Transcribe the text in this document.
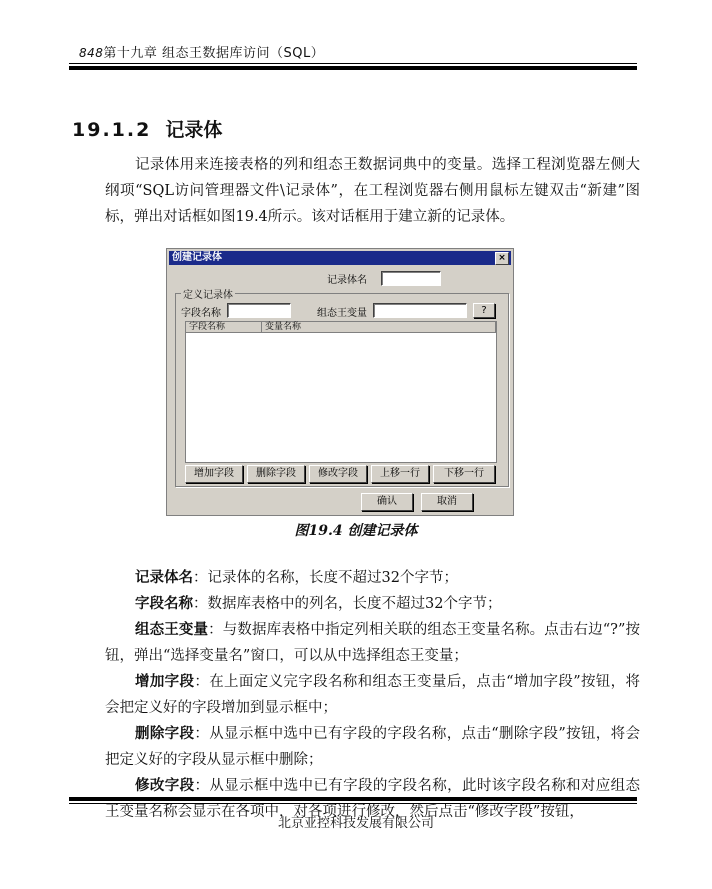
848第十九章 组态王数据库访问（SQL）
19.1.2 记录体
记录体用来连接表格的列和组态王数据词典中的变量。选择工程浏览器左侧大纲项“SQL访问管理器文件\记录体”，在工程浏览器右侧用鼠标左键双击“新建”图标，弹出对话框如图19.4所示。该对话框用于建立新的记录体。
创建记录体	×
记录体名
定义记录体
字段名称	组态王变量	?
字段名称	变量名称
增加字段	删除字段	修改字段	上移一行	下移一行
确认	取消
图19.4 创建记录体
记录体名：记录体的名称，长度不超过32个字节；
字段名称：数据库表格中的列名，长度不超过32个字节；
组态王变量：与数据库表格中指定列相关联的组态王变量名称。点击右边“?”按钮，弹出“选择变量名”窗口，可以从中选择组态王变量；
增加字段：在上面定义完字段名称和组态王变量后，点击“增加字段”按钮，将会把定义好的字段增加到显示框中；
删除字段：从显示框中选中已有字段的字段名称，点击“删除字段”按钮，将会把定义好的字段从显示框中删除；
修改字段：从显示框中选中已有字段的字段名称，此时该字段名称和对应组态王变量名称会显示在各项中，对各项进行修改，然后点击“修改字段”按钮，
北京亚控科技发展有限公司
